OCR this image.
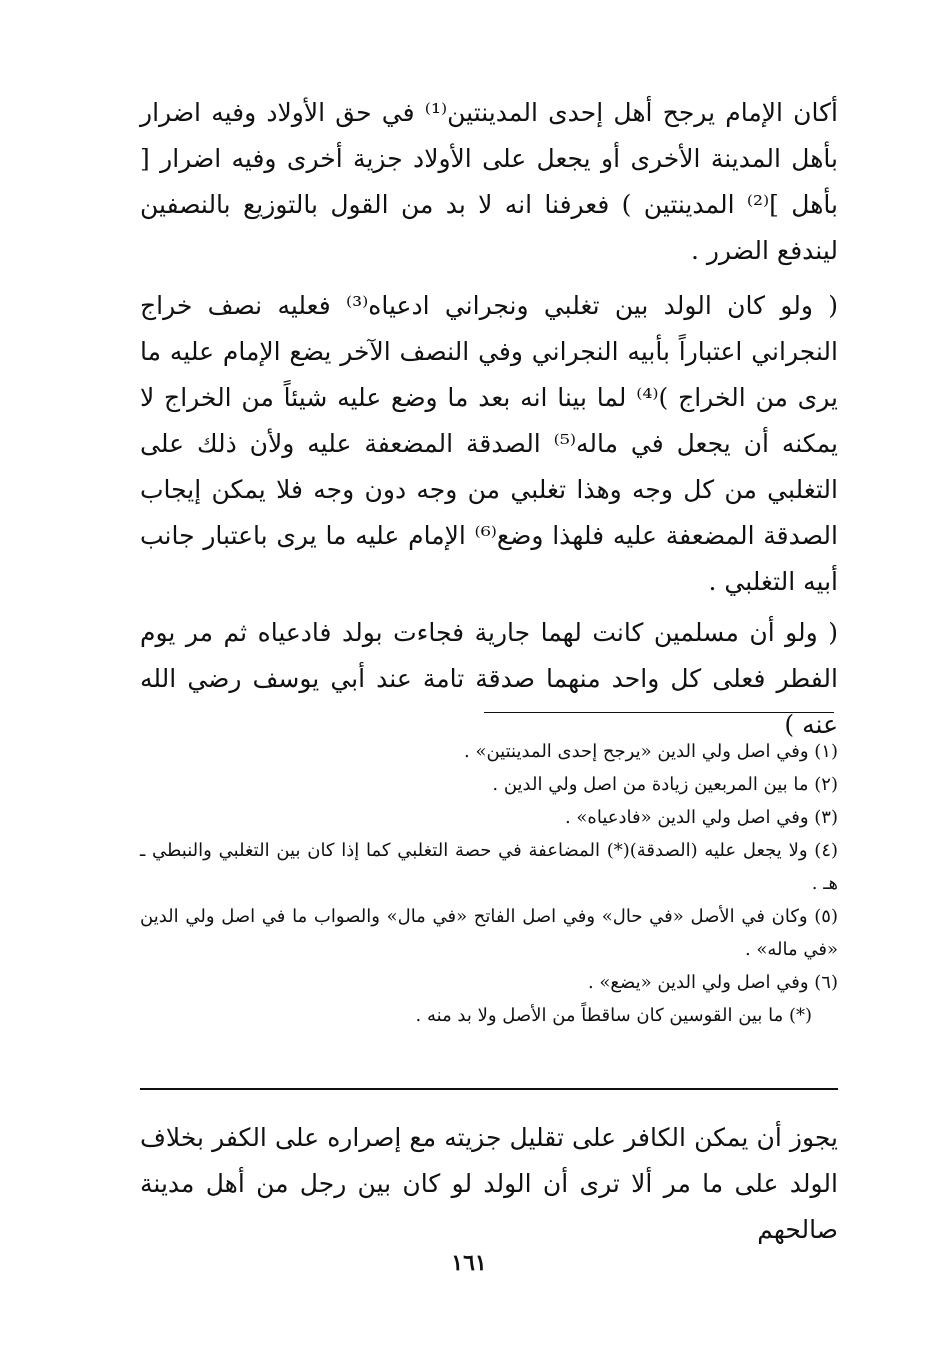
أكان الإمام يرجح أهل إحدى المدينتين⁽¹⁾ في حق الأولاد وفيه اضرار بأهل المدينة الأخرى أو يجعل على الأولاد جزية أخرى وفيه اضرار [ بأهل ]⁽²⁾ المدينتين ) فعرفنا انه لا بد من القول بالتوزيع بالنصفين ليندفع الضرر .

( ولو كان الولد بين تغلبي ونجراني ادعياه⁽³⁾ فعليه نصف خراج النجراني اعتباراً بأبيه النجراني وفي النصف الآخر يضع الإمام عليه ما يرى من الخراج )⁽⁴⁾ لما بينا انه بعد ما وضع عليه شيئاً من الخراج لا يمكنه أن يجعل في ماله⁽⁵⁾ الصدقة المضعفة عليه ولأن ذلك على التغلبي من كل وجه وهذا تغلبي من وجه دون وجه فلا يمكن إيجاب الصدقة المضعفة عليه فلهذا وضع⁽⁶⁾ الإمام عليه ما يرى باعتبار جانب أبيه التغلبي .

( ولو أن مسلمين كانت لهما جارية فجاءت بولد فادعياه ثم مر يوم الفطر فعلى كل واحد منهما صدقة تامة عند أبي يوسف رضي الله عنه )

(١) وفي اصل ولي الدين «يرجح إحدى المدينتين» .

(٢) ما بين المربعين زيادة من اصل ولي الدين .

(٣) وفي اصل ولي الدين «فادعياه» .

(٤) ولا يجعل عليه (الصدقة)(*) المضاعفة في حصة التغلبي كما إذا كان بين التغلبي والنبطي ـ هـ .

(٥) وكان في الأصل «في حال» وفي اصل الفاتح «في مال» والصواب ما في اصل ولي الدين «في ماله» .

(٦) وفي اصل ولي الدين «يضع» .

(*) ما بين القوسين كان ساقطاً من الأصل ولا بد منه .

يجوز أن يمكن الكافر على تقليل جزيته مع إصراره على الكفر بخلاف الولد على ما مر ألا ترى أن الولد لو كان بين رجل من أهل مدينة صالحهم

١٦١
